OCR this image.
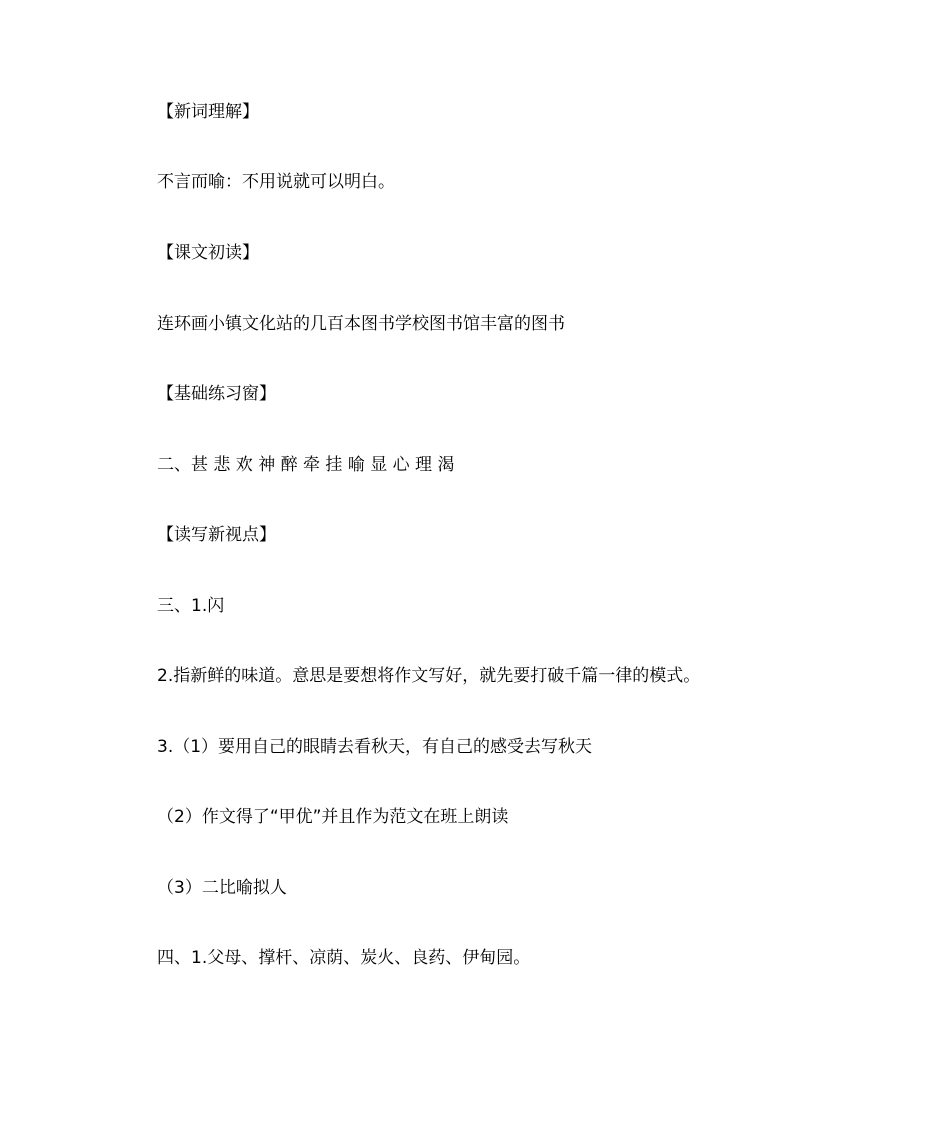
【新词理解】
不言而喻：不用说就可以明白。
【课文初读】
连环画小镇文化站的几百本图书学校图书馆丰富的图书
【基础练习窗】
二、甚 悲 欢 神 醉 牵 挂 喻 显 心 理 渴
【读写新视点】
三、1.闪
2.指新鲜的味道。意思是要想将作文写好，就先要打破千篇一律的模式。
3.（1）要用自己的眼睛去看秋天，有自己的感受去写秋天
（2）作文得了“甲优”并且作为范文在班上朗读
（3）二比喻拟人
四、1.父母、撑杆、凉荫、炭火、良药、伊甸园。
